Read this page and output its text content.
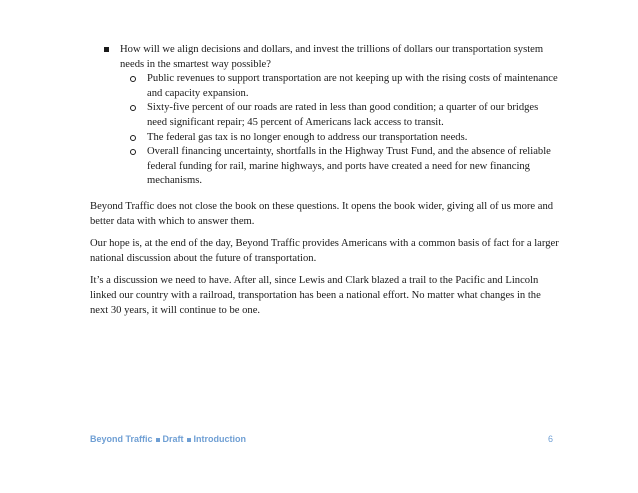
How will we align decisions and dollars, and invest the trillions of dollars our transportation system needs in the smartest way possible?
Public revenues to support transportation are not keeping up with the rising costs of maintenance and capacity expansion.
Sixty-five percent of our roads are rated in less than good condition; a quarter of our bridges need significant repair; 45 percent of Americans lack access to transit.
The federal gas tax is no longer enough to address our transportation needs.
Overall financing uncertainty, shortfalls in the Highway Trust Fund, and the absence of reliable federal funding for rail, marine highways, and ports have created a need for new financing mechanisms.

Beyond Traffic does not close the book on these questions. It opens the book wider, giving all of us more and better data with which to answer them.

Our hope is, at the end of the day, Beyond Traffic provides Americans with a common basis of fact for a larger national discussion about the future of transportation.

It’s a discussion we need to have. After all, since Lewis and Clark blazed a trail to the Pacific and Lincoln linked our country with a railroad, transportation has been a national effort. No matter what changes in the next 30 years, it will continue to be one.

Beyond Traffic Draft Introduction	6
